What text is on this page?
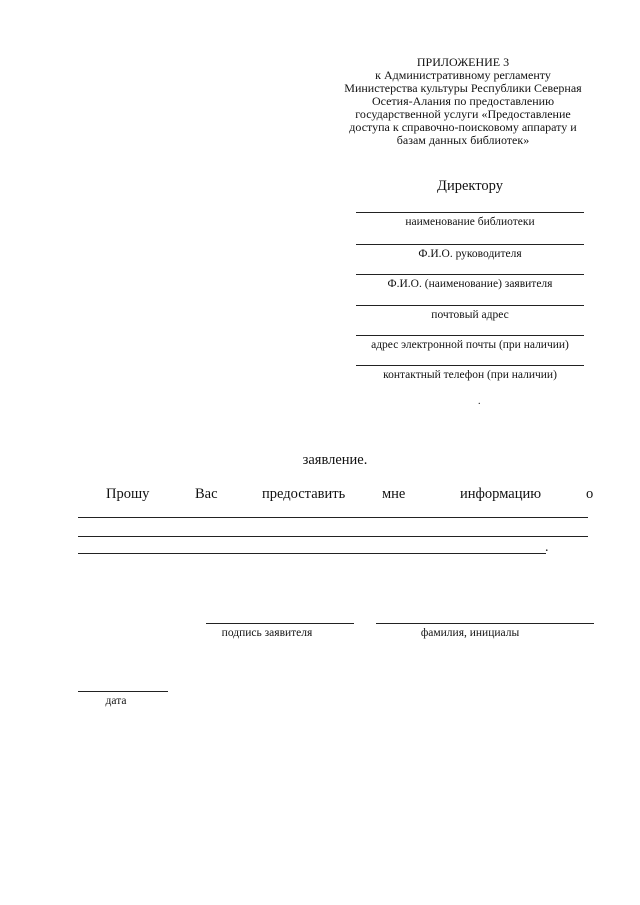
ПРИЛОЖЕНИЕ 3
к Административному регламенту
Министерства культуры Республики Северная
Осетия-Алания по предоставлению
государственной услуги «Предоставление
доступа к справочно-поисковому аппарату и
базам данных библиотек»
Директору
наименование библиотеки
Ф.И.О. руководителя
Ф.И.О. (наименование) заявителя
почтовый адрес
адрес электронной почты (при наличии)
контактный телефон (при наличии)
.
заявление.
Прошу	Вас	предоставить	мне	информацию	о
.
подпись заявителя	фамилия, инициалы
дата
